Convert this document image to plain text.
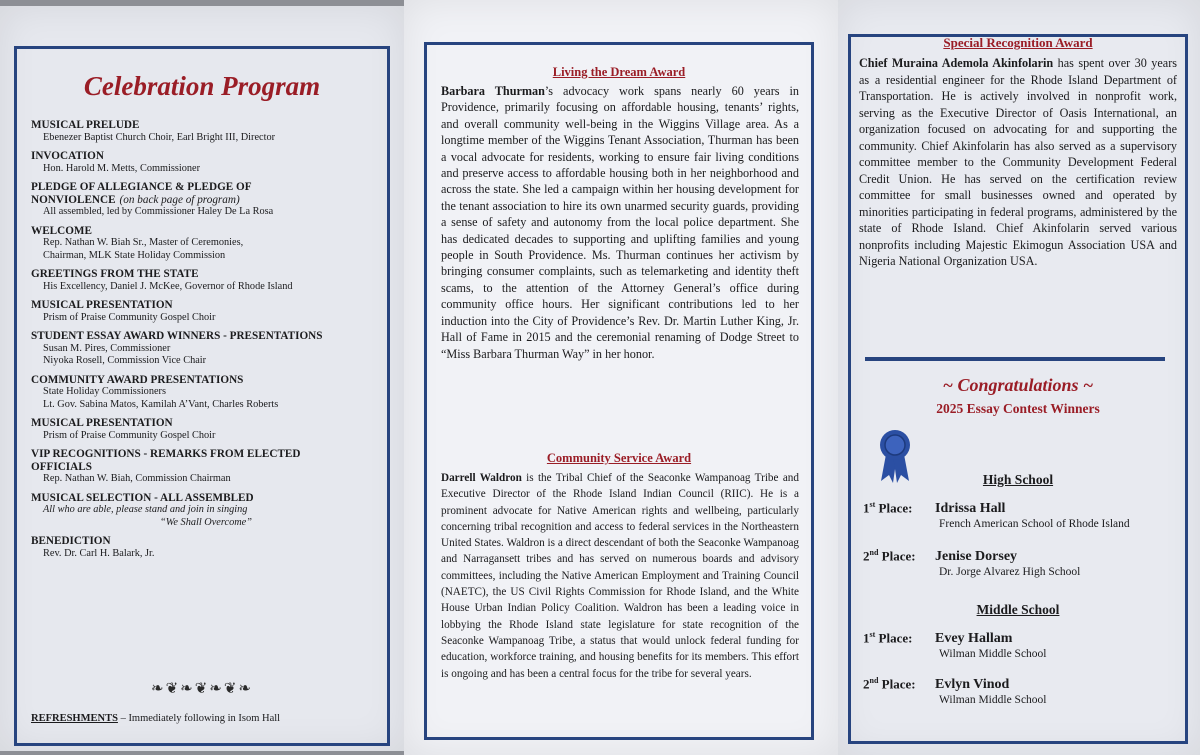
Celebration Program
MUSICAL PRELUDE
Ebenezer Baptist Church Choir, Earl Bright III, Director
INVOCATION
Hon. Harold M. Metts, Commissioner
PLEDGE OF ALLEGIANCE & PLEDGE OF
NONVIOLENCE (on back page of program)
All assembled, led by Commissioner Haley De La Rosa
WELCOME
Rep. Nathan W. Biah Sr., Master of Ceremonies,
Chairman, MLK State Holiday Commission
GREETINGS FROM THE STATE
His Excellency, Daniel J. McKee, Governor of Rhode Island
MUSICAL PRESENTATION
Prism of Praise Community Gospel Choir
STUDENT ESSAY AWARD WINNERS - PRESENTATIONS
Susan M. Pires, Commissioner
Niyoka Rosell, Commission Vice Chair
COMMUNITY AWARD PRESENTATIONS
State Holiday Commissioners
Lt. Gov. Sabina Matos, Kamilah A’Vant, Charles Roberts
MUSICAL PRESENTATION
Prism of Praise Community Gospel Choir
VIP RECOGNITIONS - REMARKS FROM ELECTED
OFFICIALS
Rep. Nathan W. Biah, Commission Chairman
MUSICAL SELECTION - ALL ASSEMBLED
All who are able, please stand and join in singing
“We Shall Overcome”
BENEDICTION
Rev. Dr. Carl H. Balark, Jr.
❧❦❧❦❧❦❧
REFRESHMENTS – Immediately following in Isom Hall
Living the Dream Award
Barbara Thurman’s advocacy work spans nearly 60 years in Providence, primarily focusing on affordable housing, tenants’ rights, and overall community well-being in the Wiggins Village area. As a longtime member of the Wiggins Tenant Association, Thurman has been a vocal advocate for residents, working to ensure fair living conditions and preserve access to affordable housing both in her neighborhood and across the state. She led a campaign within her housing development for the tenant association to hire its own unarmed security guards, providing a sense of safety and autonomy from the local police department. She has dedicated decades to supporting and uplifting families and young people in South Providence. Ms. Thurman continues her activism by bringing consumer complaints, such as telemarketing and identity theft scams, to the attention of the Attorney General’s office during community office hours. Her significant contributions led to her induction into the City of Providence’s Rev. Dr. Martin Luther King, Jr. Hall of Fame in 2015 and the ceremonial renaming of Dodge Street to “Miss Barbara Thurman Way” in her honor.
Community Service Award
Darrell Waldron is the Tribal Chief of the Seaconke Wampanoag Tribe and Executive Director of the Rhode Island Indian Council (RIIC). He is a prominent advocate for Native American rights and wellbeing, particularly concerning tribal recognition and access to federal services in the Northeastern United States. Waldron is a direct descendant of both the Seaconke Wampanoag and Narragansett tribes and has served on numerous boards and advisory committees, including the Native American Employment and Training Council (NAETC), the US Civil Rights Commission for Rhode Island, and the White House Urban Indian Policy Coalition. Waldron has been a leading voice in lobbying the Rhode Island state legislature for state recognition of the Seaconke Wampanoag Tribe, a status that would unlock federal funding for education, workforce training, and housing benefits for its members. This effort is ongoing and has been a central focus for the tribe for several years.
Special Recognition Award
Chief Muraina Ademola Akinfolarin has spent over 30 years as a residential engineer for the Rhode Island Department of Transportation. He is actively involved in nonprofit work, serving as the Executive Director of Oasis International, an organization focused on advocating for and supporting the community. Chief Akinfolarin has also served as a supervisory committee member to the Community Development Federal Credit Union. He has served on the certification review committee for small businesses owned and operated by minorities participating in federal programs, administered by the state of Rhode Island. Chief Akinfolarin served various nonprofits including Majestic Ekimogun Association USA and Nigeria National Organization USA.
~ Congratulations ~
2025 Essay Contest Winners
High School
1st Place: Idrissa Hall
French American School of Rhode Island
2nd Place: Jenise Dorsey
Dr. Jorge Alvarez High School
Middle School
1st Place: Evey Hallam
Wilman Middle School
2nd Place: Evlyn Vinod
Wilman Middle School
